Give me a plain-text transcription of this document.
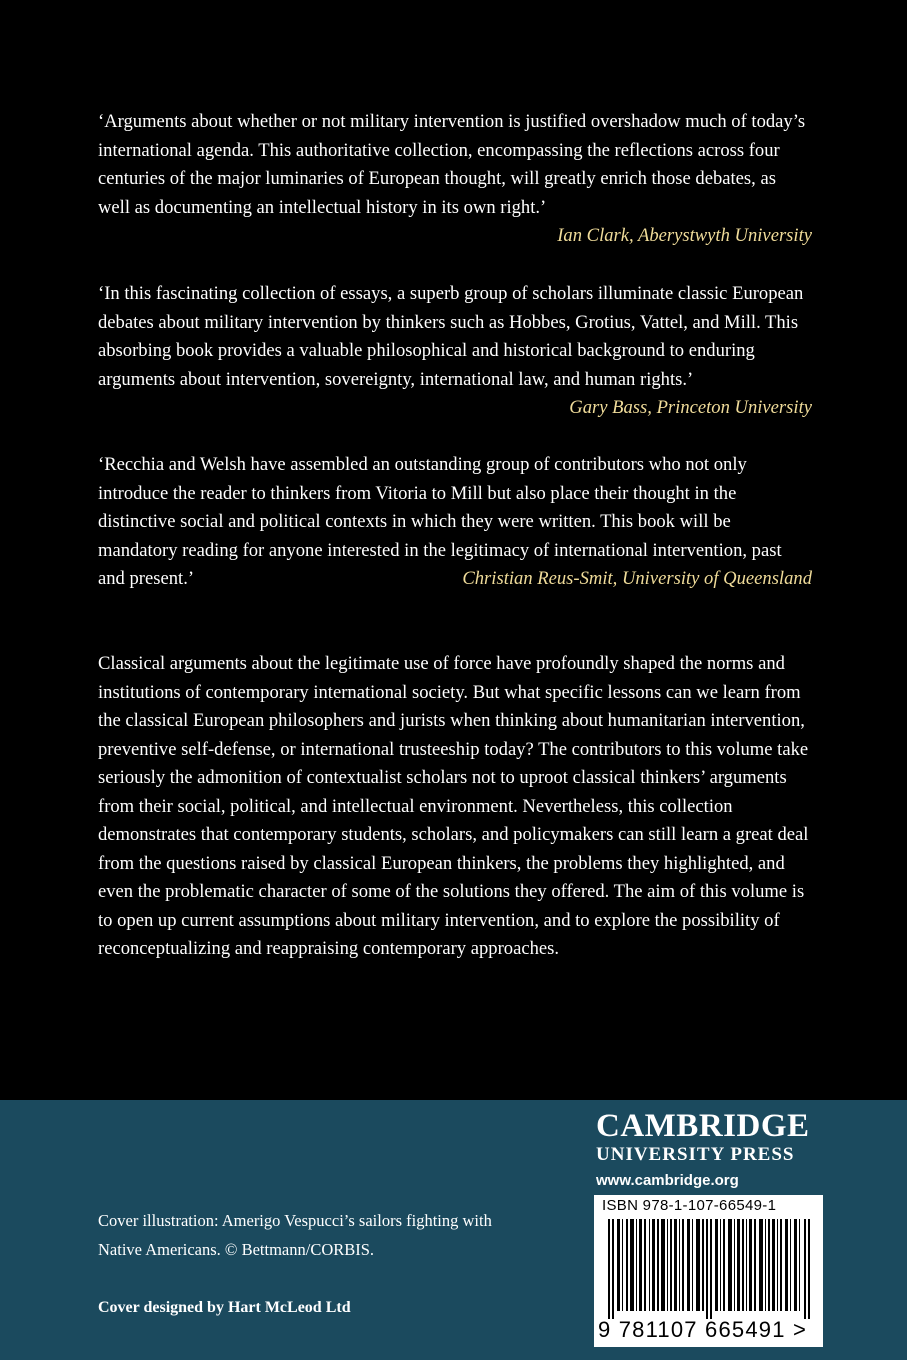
‘Arguments about whether or not military intervention is justified overshadow much of today’s international agenda. This authoritative collection, encompassing the reflections across four centuries of the major luminaries of European thought, will greatly enrich those debates, as well as documenting an intellectual history in its own right.’
Ian Clark, Aberystwyth University

‘In this fascinating collection of essays, a superb group of scholars illuminate classic European debates about military intervention by thinkers such as Hobbes, Grotius, Vattel, and Mill. This absorbing book provides a valuable philosophical and historical background to enduring arguments about intervention, sovereignty, international law, and human rights.’
Gary Bass, Princeton University

‘Recchia and Welsh have assembled an outstanding group of contributors who not only introduce the reader to thinkers from Vitoria to Mill but also place their thought in the distinctive social and political contexts in which they were written. This book will be mandatory reading for anyone interested in the legitimacy of international intervention, past and present.’	Christian Reus-Smit, University of Queensland

Classical arguments about the legitimate use of force have profoundly shaped the norms and institutions of contemporary international society. But what specific lessons can we learn from the classical European philosophers and jurists when thinking about humanitarian intervention, preventive self-defense, or international trusteeship today? The contributors to this volume take seriously the admonition of contextualist scholars not to uproot classical thinkers’ arguments from their social, political, and intellectual environment. Nevertheless, this collection demonstrates that contemporary students, scholars, and policymakers can still learn a great deal from the questions raised by classical European thinkers, the problems they highlighted, and even the problematic character of some of the solutions they offered. The aim of this volume is to open up current assumptions about military intervention, and to explore the possibility of reconceptualizing and reappraising contemporary approaches.

CAMBRIDGE

UNIVERSITY PRESS

www.cambridge.org
Cover illustration: Amerigo Vespucci’s sailors fighting with Native Americans. © Bettmann/CORBIS.
Cover designed by Hart McLeod Ltd
ISBN 978-1-107-66549-1
9 781107 665491 >
